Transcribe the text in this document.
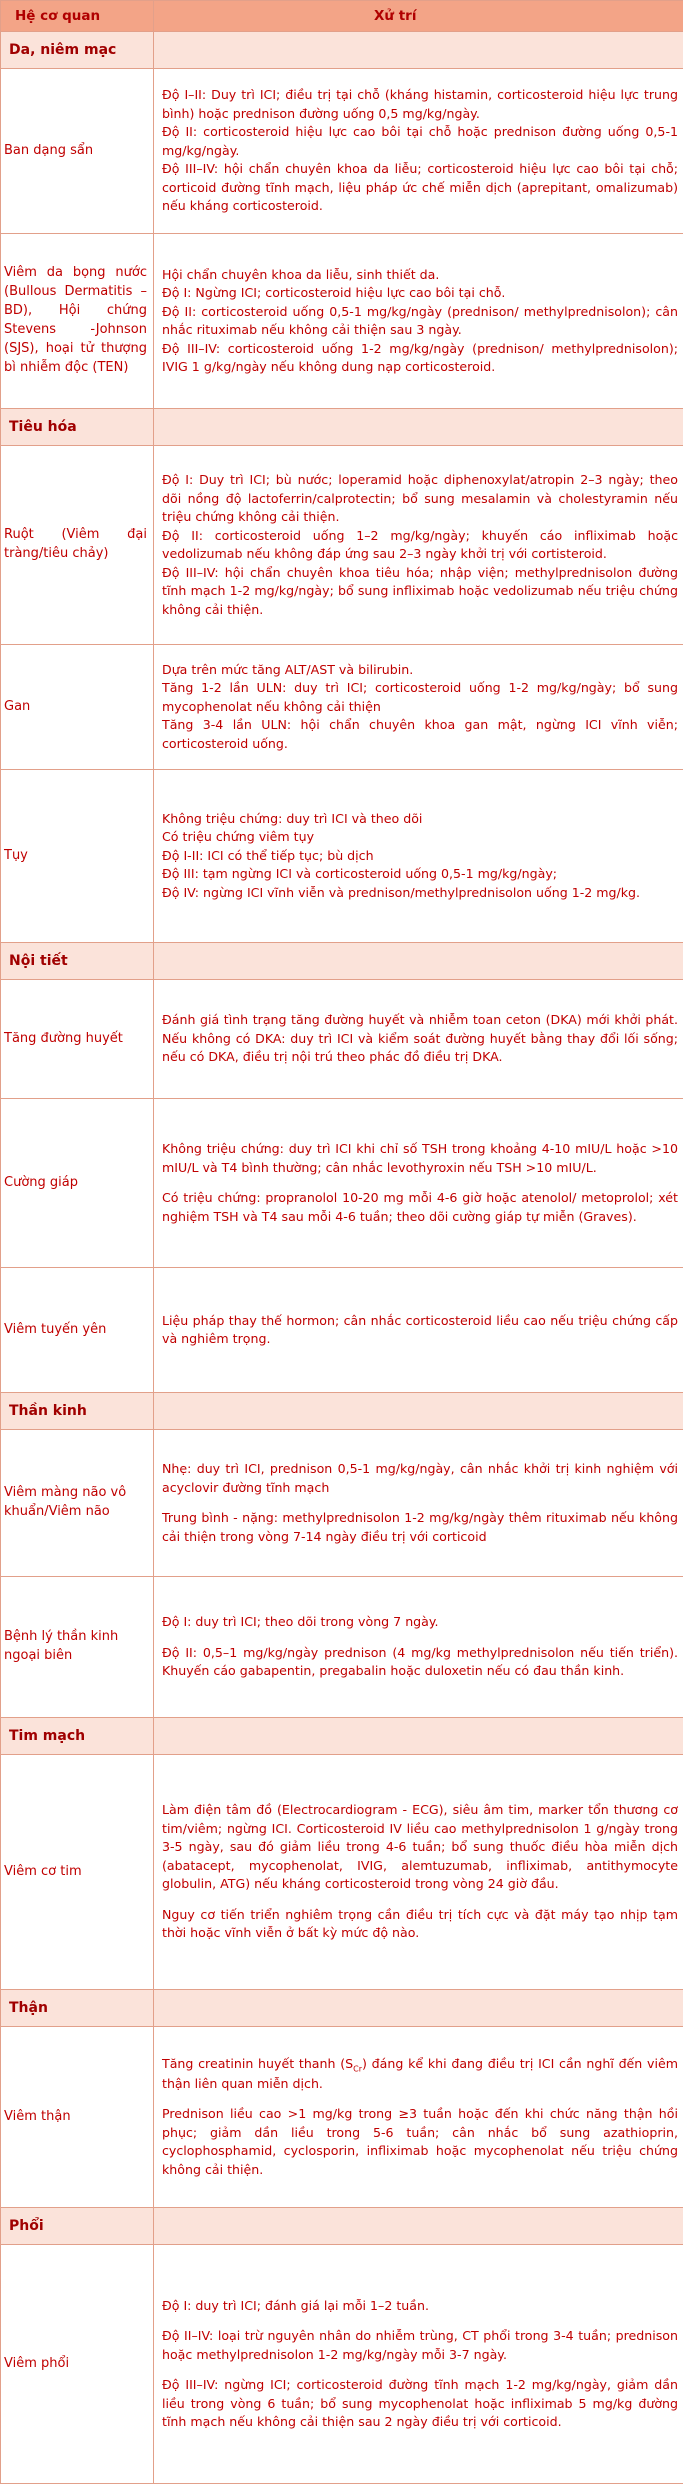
Hệ cơ quan	Xử trí
Da, niêm mạc	
Ban dạng sẩn	Độ I–II: Duy trì ICI; điều trị tại chỗ (kháng histamin, corticosteroid hiệu lực trung bình) hoặc prednison đường uống 0,5 mg/kg/ngày.

Độ II: corticosteroid hiệu lực cao bôi tại chỗ hoặc prednison đường uống 0,5-1 mg/kg/ngày.

Độ III–IV: hội chẩn chuyên khoa da liễu; corticosteroid hiệu lực cao bôi tại chỗ; corticoid đường tĩnh mạch, liệu pháp ức chế miễn dịch (aprepitant, omalizumab) nếu kháng corticosteroid.

Viêm da bọng nước (Bullous Dermatitis – BD), Hội chứng Stevens -Johnson (SJS), hoại tử thượng bì nhiễm độc (TEN)	Hội chẩn chuyên khoa da liễu, sinh thiết da.

Độ I: Ngừng ICI; corticosteroid hiệu lực cao bôi tại chỗ.

Độ II: corticosteroid uống 0,5-1 mg/kg/ngày (prednison/ methylprednisolon); cân nhắc rituximab nếu không cải thiện sau 3 ngày.

Độ III–IV: corticosteroid uống 1-2 mg/kg/ngày (prednison/ methylprednisolon); IVIG 1 g/kg/ngày nếu không dung nạp corticosteroid.

Tiêu hóa	
Ruột (Viêm đại tràng/tiêu chảy)	Độ I: Duy trì ICI; bù nước; loperamid hoặc diphenoxylat/atropin 2–3 ngày; theo dõi nồng độ lactoferrin/calprotectin; bổ sung mesalamin và cholestyramin nếu triệu chứng không cải thiện.

Độ II: corticosteroid uống 1–2 mg/kg/ngày; khuyến cáo infliximab hoặc vedolizumab nếu không đáp ứng sau 2–3 ngày khởi trị với cortisteroid.

Độ III–IV: hội chẩn chuyên khoa tiêu hóa; nhập viện; methylprednisolon đường tĩnh mạch 1-2 mg/kg/ngày; bổ sung infliximab hoặc vedolizumab nếu triệu chứng không cải thiện.

Gan	Dựa trên mức tăng ALT/AST và bilirubin.

Tăng 1-2 lần ULN: duy trì ICI; corticosteroid uống 1-2 mg/kg/ngày; bổ sung mycophenolat nếu không cải thiện

Tăng 3-4 lần ULN: hội chẩn chuyên khoa gan mật, ngừng ICI vĩnh viễn; corticosteroid uống.

Tụy	Không triệu chứng: duy trì ICI và theo dõi

Có triệu chứng viêm tụy

Độ I-II: ICI có thể tiếp tục; bù dịch

Độ III: tạm ngừng ICI và corticosteroid uống 0,5-1 mg/kg/ngày;

Độ IV: ngừng ICI vĩnh viễn và prednison/methylprednisolon uống 1-2 mg/kg.

Nội tiết	
Tăng đường huyết	Đánh giá tình trạng tăng đường huyết và nhiễm toan ceton (DKA) mới khởi phát. Nếu không có DKA: duy trì ICI và kiểm soát đường huyết bằng thay đổi lối sống; nếu có DKA, điều trị nội trú theo phác đồ điều trị DKA.

Cường giáp	Không triệu chứng: duy trì ICI khi chỉ số TSH trong khoảng 4-10 mIU/L hoặc >10 mIU/L và T4 bình thường; cân nhắc levothyroxin nếu TSH >10 mIU/L.

Có triệu chứng: propranolol 10-20 mg mỗi 4-6 giờ hoặc atenolol/ metoprolol; xét nghiệm TSH và T4 sau mỗi 4-6 tuần; theo dõi cường giáp tự miễn (Graves).

Viêm tuyến yên	Liệu pháp thay thế hormon; cân nhắc corticosteroid liều cao nếu triệu chứng cấp và nghiêm trọng.

Thần kinh	
Viêm màng não vô khuẩn/Viêm não	Nhẹ: duy trì ICI, prednison 0,5-1 mg/kg/ngày, cân nhắc khởi trị kinh nghiệm với acyclovir đường tĩnh mạch

Trung bình - nặng: methylprednisolon 1-2 mg/kg/ngày thêm rituximab nếu không cải thiện trong vòng 7-14 ngày điều trị với corticoid

Bệnh lý thần kinh ngoại biên	Độ I: duy trì ICI; theo dõi trong vòng 7 ngày.

Độ II: 0,5–1 mg/kg/ngày prednison (4 mg/kg methylprednisolon nếu tiến triển). Khuyến cáo gabapentin, pregabalin hoặc duloxetin nếu có đau thần kinh.

Tim mạch	
Viêm cơ tim	Làm điện tâm đồ (Electrocardiogram - ECG), siêu âm tim, marker tổn thương cơ tim/viêm; ngừng ICI. Corticosteroid IV liều cao methylprednisolon 1 g/ngày trong 3-5 ngày, sau đó giảm liều trong 4-6 tuần; bổ sung thuốc điều hòa miễn dịch (abatacept, mycophenolat, IVIG, alemtuzumab, infliximab, antithymocyte globulin, ATG) nếu kháng corticosteroid trong vòng 24 giờ đầu.

Nguy cơ tiến triển nghiêm trọng cần điều trị tích cực và đặt máy tạo nhịp tạm thời hoặc vĩnh viễn ở bất kỳ mức độ nào.

Thận	
Viêm thận	Tăng creatinin huyết thanh $(S_{Cr})$ đáng kể khi đang điều trị ICI cần nghĩ đến viêm thận liên quan miễn dịch.

Prednison liều cao >1 mg/kg trong ≥3 tuần hoặc đến khi chức năng thận hồi phục; giảm dần liều trong 5-6 tuần; cân nhắc bổ sung azathioprin, cyclophosphamid, cyclosporin, infliximab hoặc mycophenolat nếu triệu chứng không cải thiện.

Phổi	
Viêm phổi	Độ I: duy trì ICI; đánh giá lại mỗi 1–2 tuần.

Độ II–IV: loại trừ nguyên nhân do nhiễm trùng, CT phổi trong 3-4 tuần; prednison hoặc methylprednisolon 1-2 mg/kg/ngày mỗi 3-7 ngày.

Độ III–IV: ngừng ICI; corticosteroid đường tĩnh mạch 1-2 mg/kg/ngày, giảm dần liều trong vòng 6 tuần; bổ sung mycophenolat hoặc infliximab 5 mg/kg đường tĩnh mạch nếu không cải thiện sau 2 ngày điều trị với corticoid.
